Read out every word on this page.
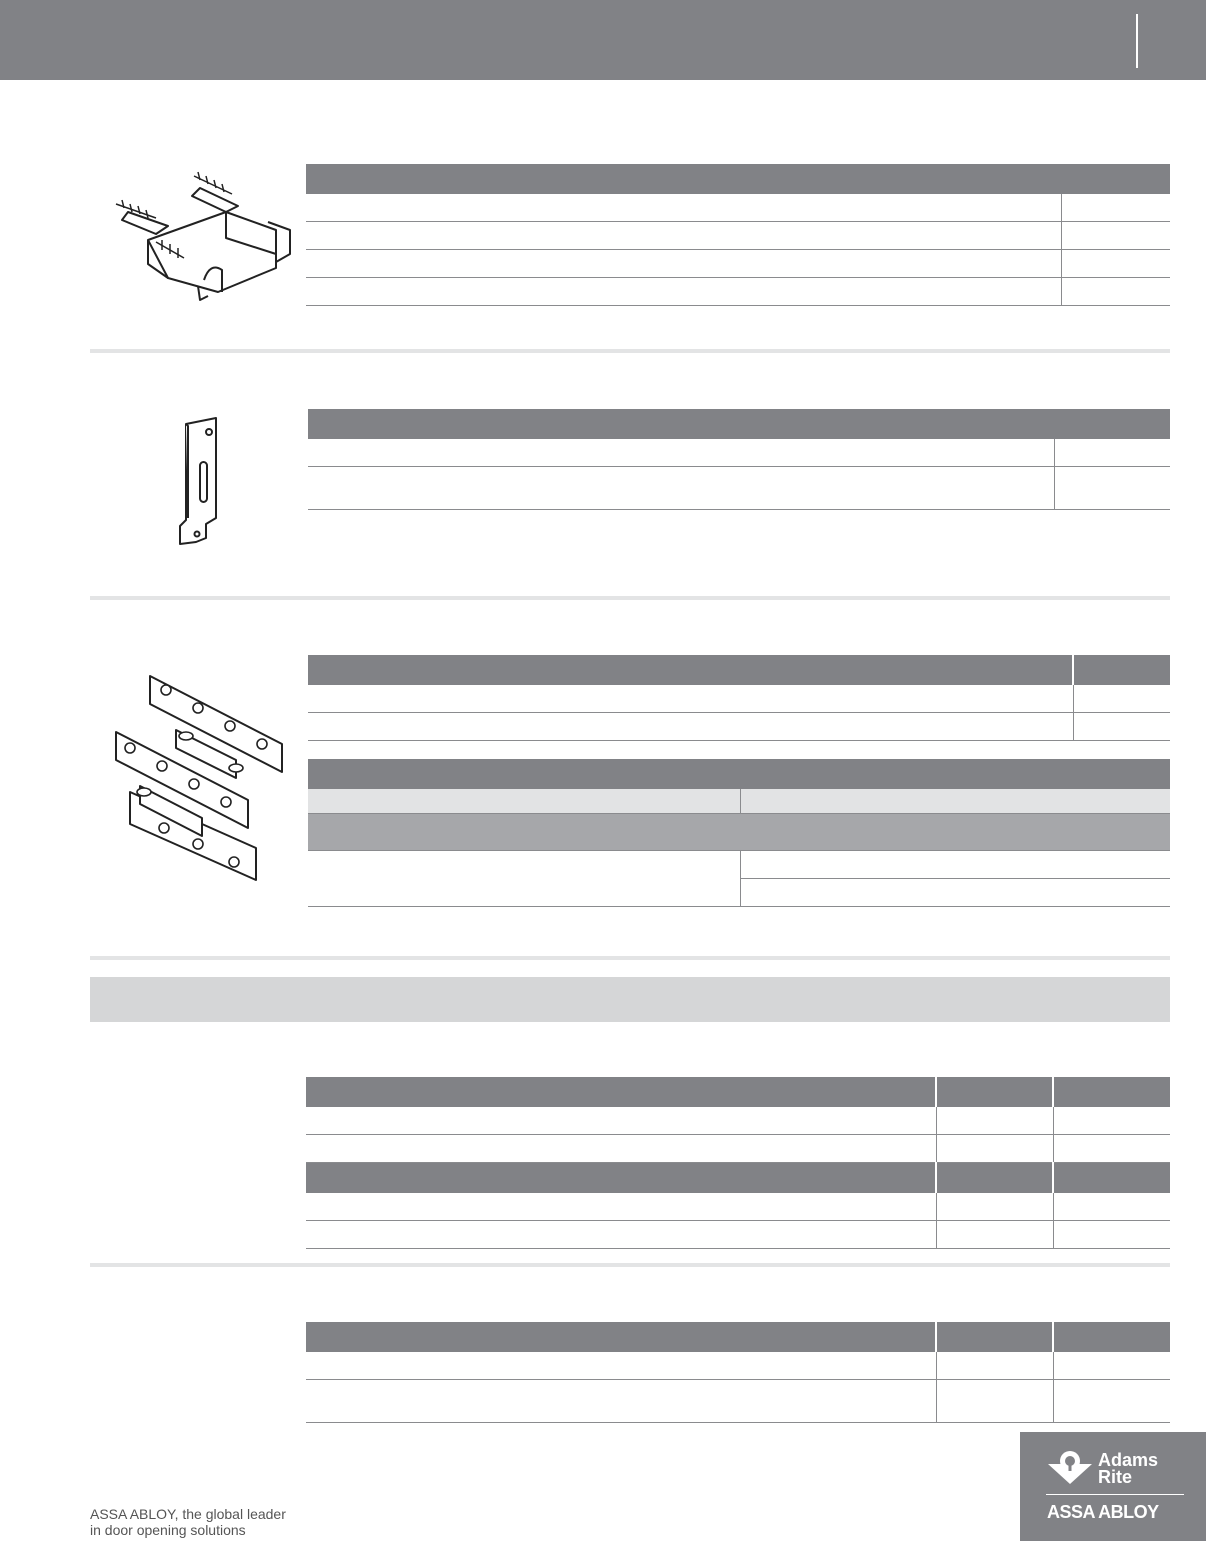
ASSA ABLOY, the global leader
in door opening solutions
Adams
Rite
ASSA ABLOY
